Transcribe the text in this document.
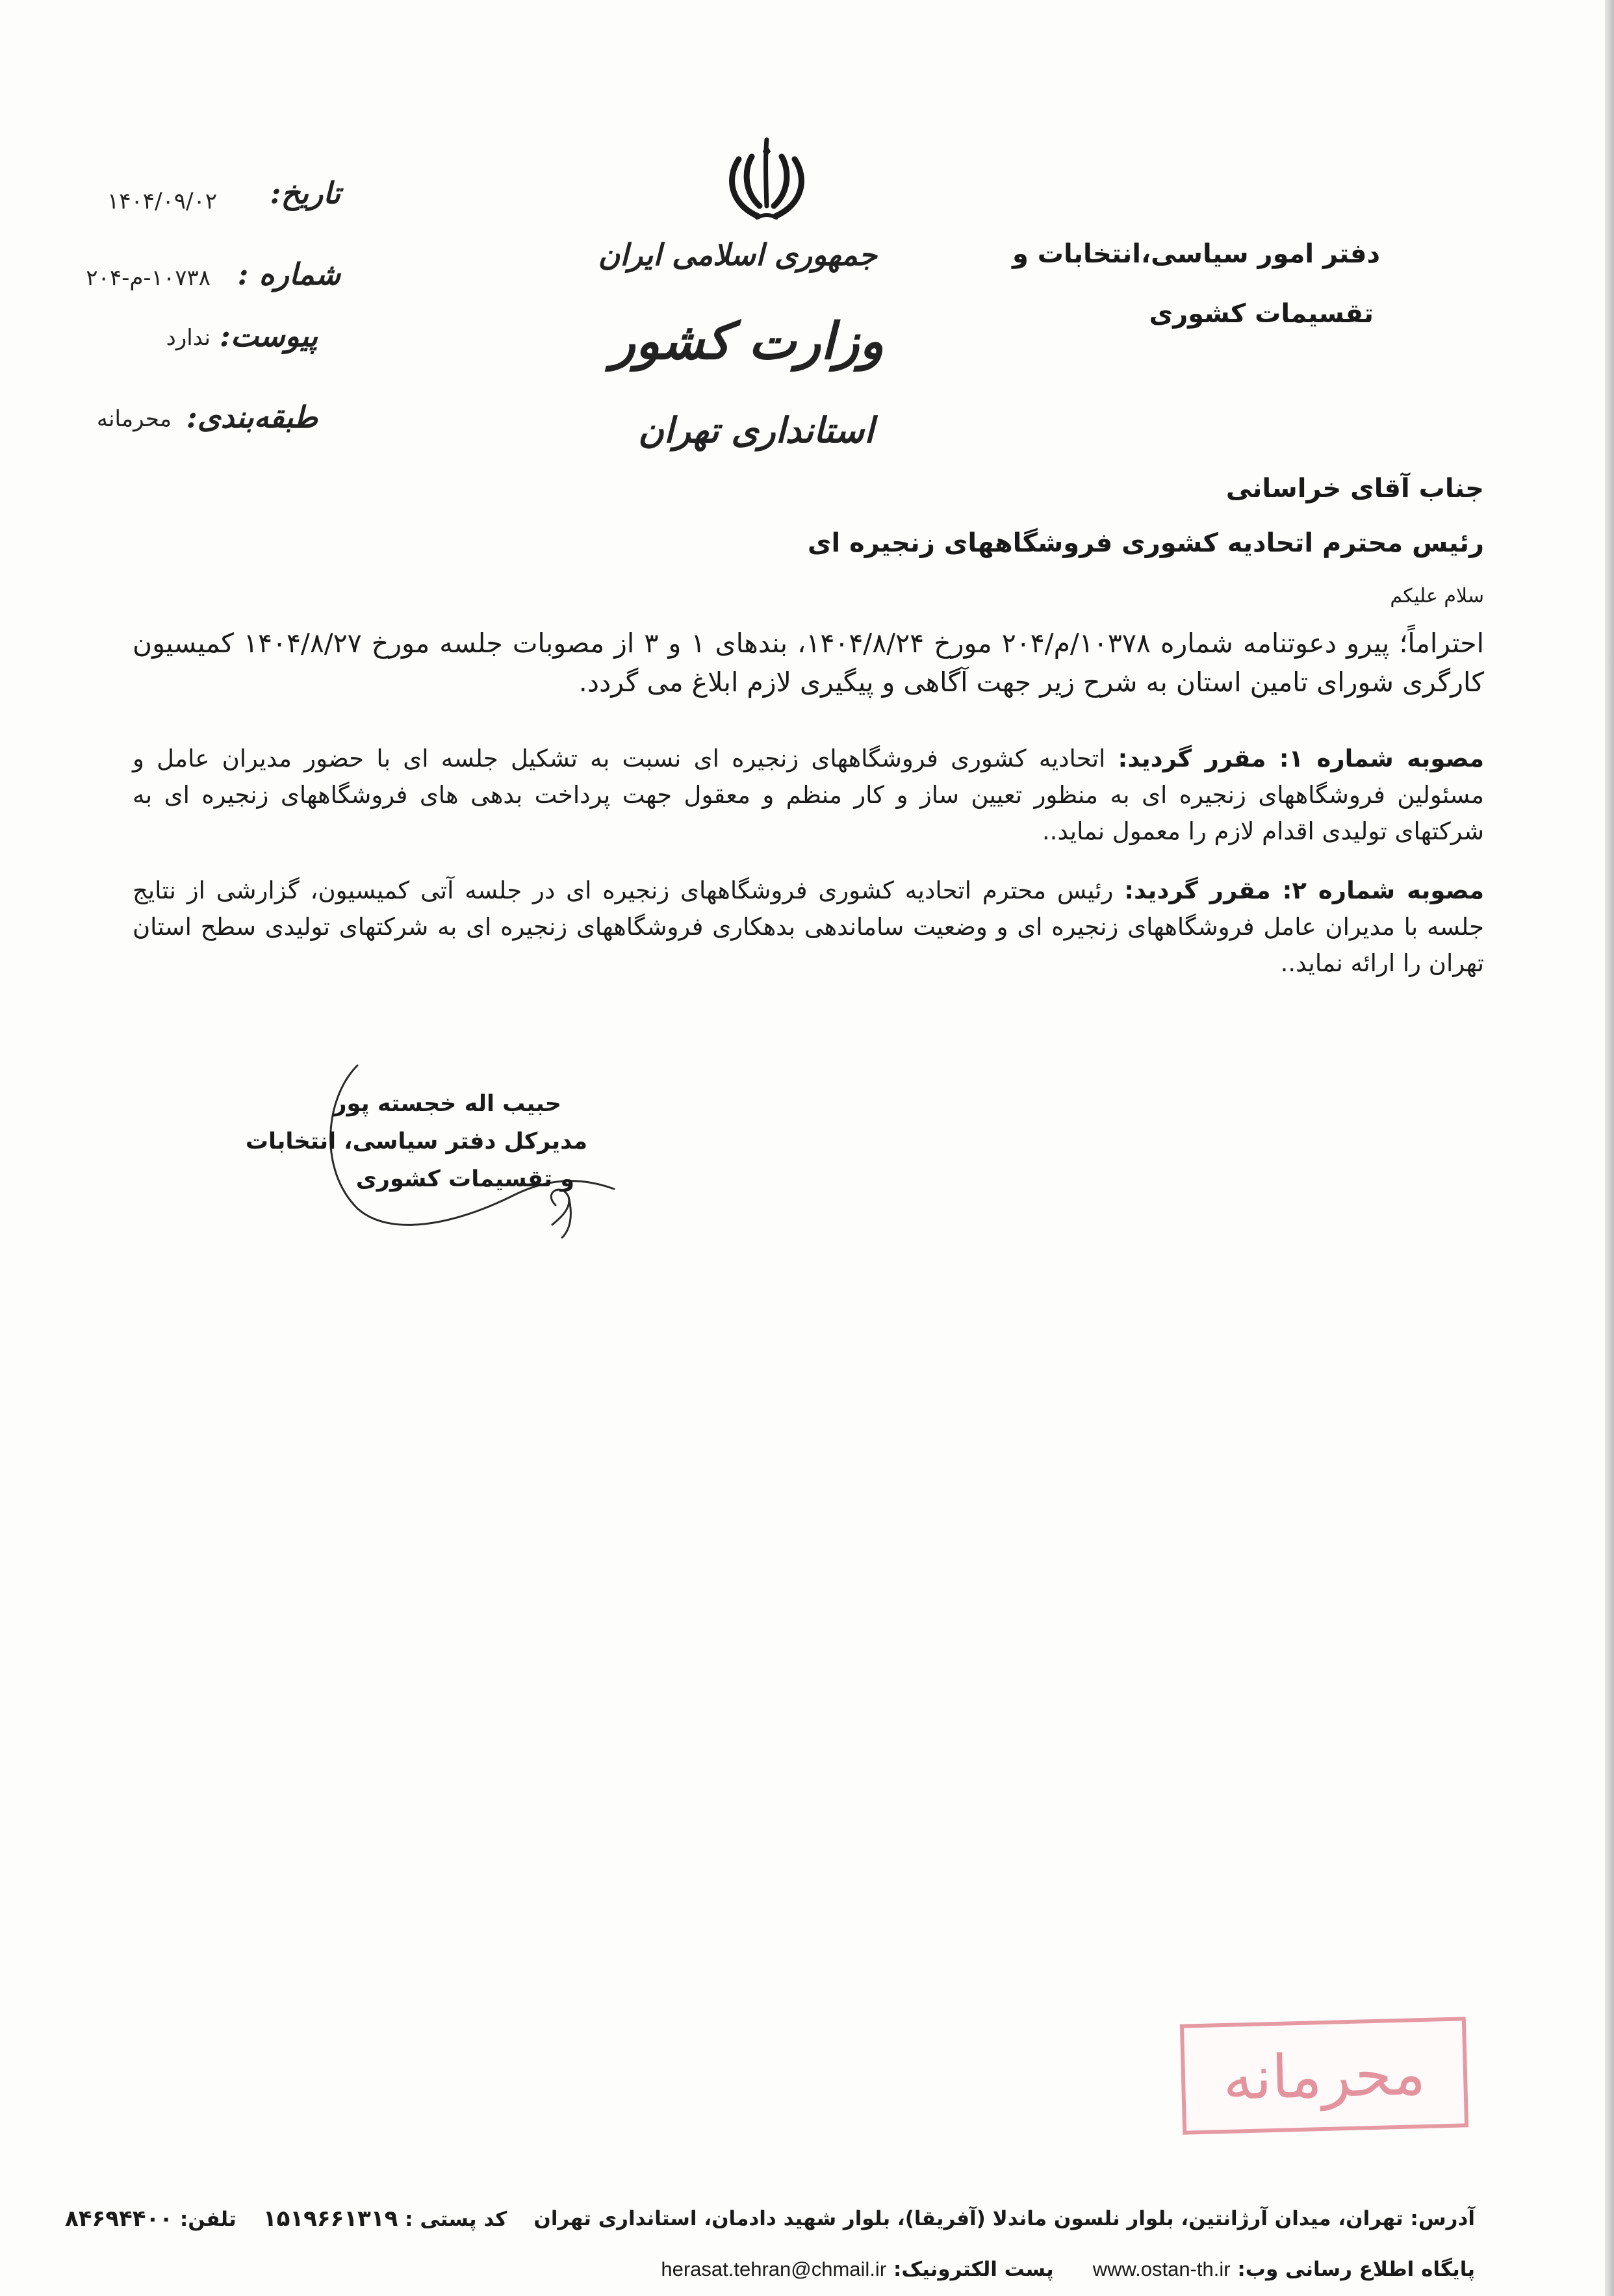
جمهوری اسلامی ایران
وزارت کشور
استانداری تهران
دفتر امور سیاسی،انتخابات و
تقسیمات کشوری
تاریخ:
۱۴۰۴/۰۹/۰۲
شماره :
۱۰۷۳۸-م-۲۰۴
پیوست:
ندارد
طبقه‌بندی:
محرمانه
جناب آقای خراسانی
رئیس محترم اتحادیه کشوری فروشگاههای زنجیره ای
سلام علیکم
احتراماً؛ پیرو دعوتنامه شماره ۱۰۳۷۸/م/۲۰۴ مورخ ۱۴۰۴/۸/۲۴، بندهای ۱ و ۳ از مصوبات جلسه مورخ ۱۴۰۴/۸/۲۷ کمیسیون کارگری شورای تامین استان به شرح زیر جهت آگاهی و پیگیری لازم ابلاغ می گردد.
مصوبه شماره ۱: مقرر گردید: اتحادیه کشوری فروشگاههای زنجیره ای نسبت به تشکیل جلسه ای با حضور مدیران عامل و مسئولین فروشگاههای زنجیره ای به منظور تعیین ساز و کار منظم و معقول جهت پرداخت بدهی های فروشگاههای زنجیره ای به شرکتهای تولیدی اقدام لازم را معمول نماید..
مصوبه شماره ۲: مقرر گردید: رئیس محترم اتحادیه کشوری فروشگاههای زنجیره ای در جلسه آتی کمیسیون، گزارشی از نتایج جلسه با مدیران عامل فروشگاههای زنجیره ای و وضعیت ساماندهی بدهکاری فروشگاههای زنجیره ای به شرکتهای تولیدی سطح استان تهران را ارائه نماید..
حبیب اله خجسته پور
مدیرکل دفتر سیاسی، انتخابات
و تقسیمات کشوری
محرمانه
آدرس: تهران، میدان آرژانتین، بلوار نلسون ماندلا (آفریقا)، بلوار شهید دادمان، استانداری تهران
کد پستی : ۱۵۱۹۶۶۱۳۱۹
تلفن: ۸۴۶۹۴۴۰۰
پایگاه اطلاع رسانی وب: www.ostan-th.ir
پست الکترونیک: herasat.tehran@chmail.ir
